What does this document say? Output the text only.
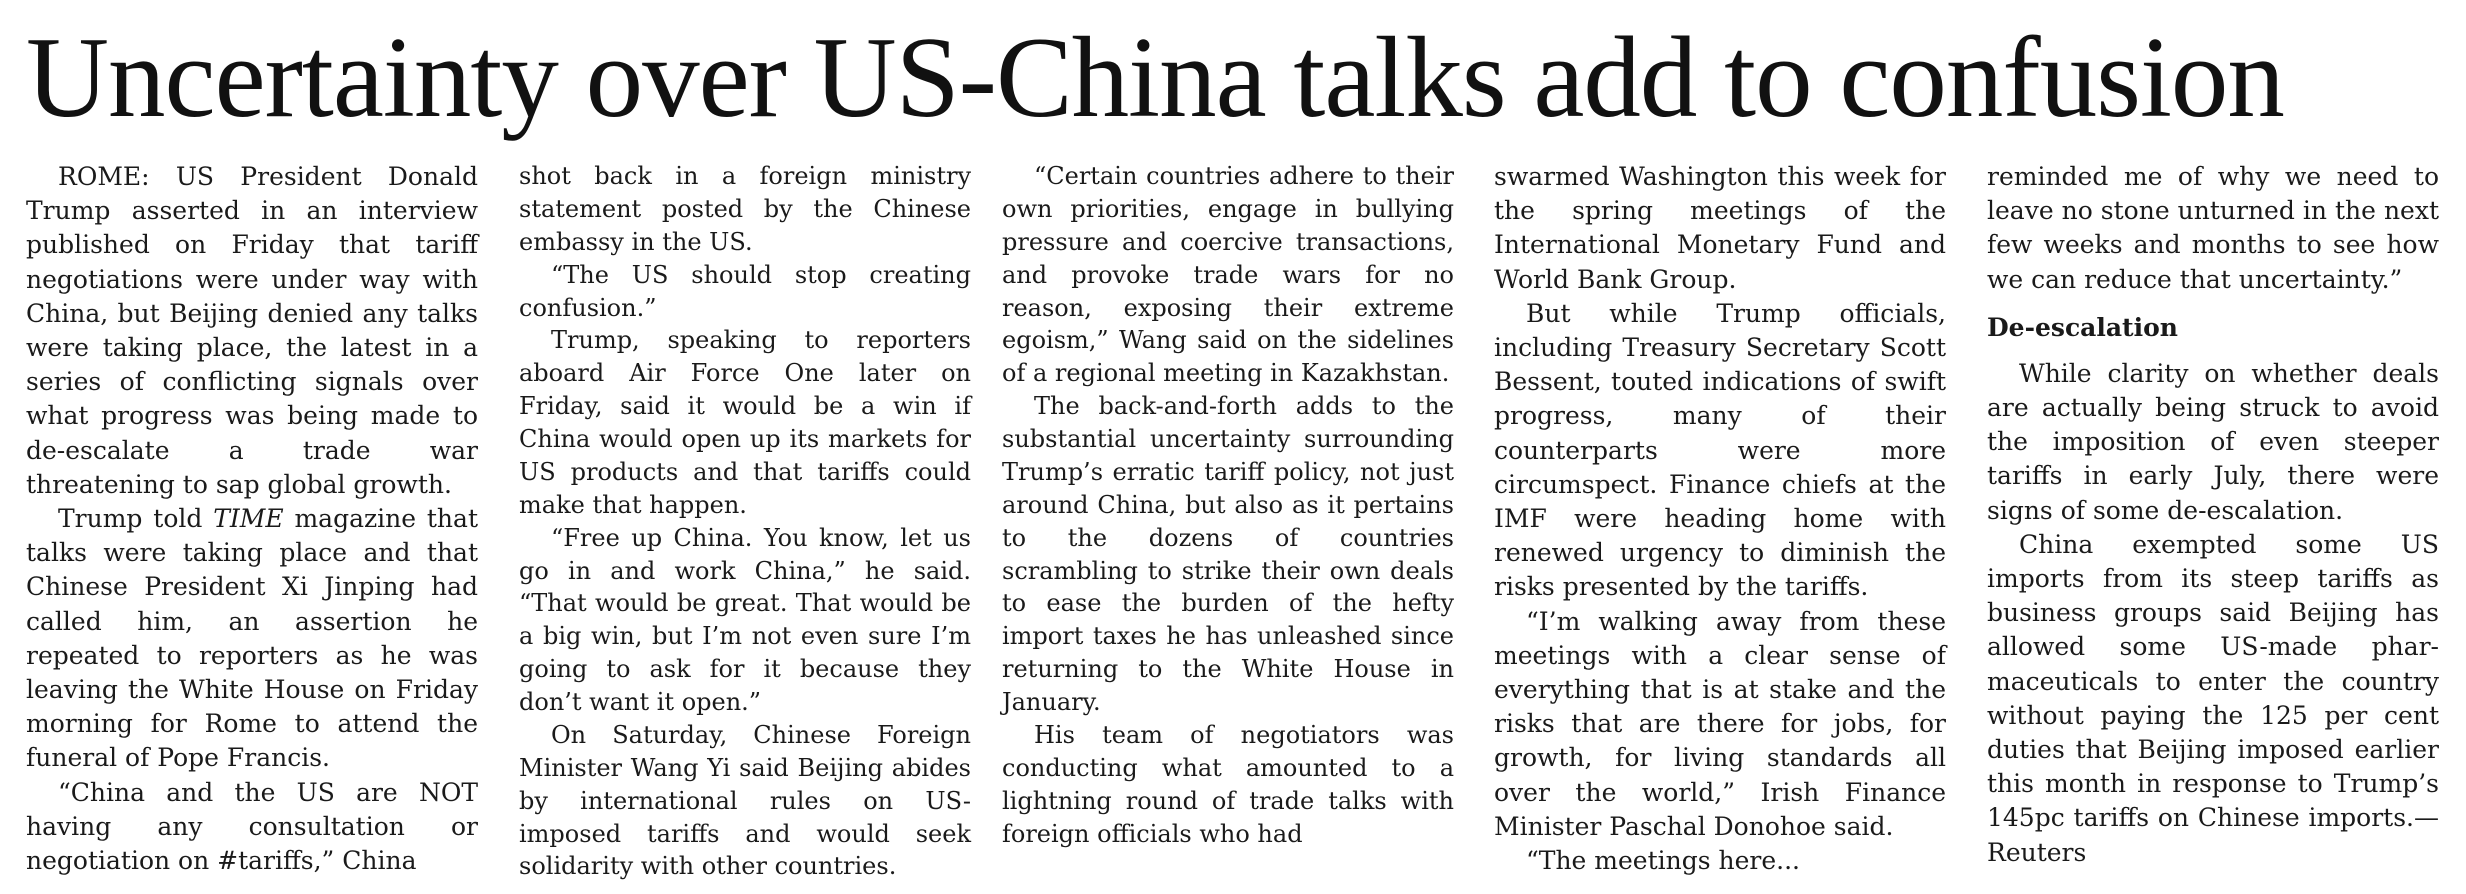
Uncertainty over US-China talks add to confusion

ROME: US President Donald Trump asserted in an interview published on Friday that tariff negotiations were under way with China, but Beijing denied any talks were taking place, the latest in a series of conflicting signals over what progress was being made to de-escalate a trade war threatening to sap global growth.

Trump told TIME magazine that talks were taking place and that Chinese President Xi Jinping had called him, an assertion he repeated to reporters as he was leaving the White House on Friday morning for Rome to attend the funeral of Pope Francis.

“China and the US are NOT having any consultation or negotiation on #tariffs,” China

shot back in a foreign ministry statement posted by the Chinese embassy in the US.

“The US should stop creating confusion.”

Trump, speaking to reporters aboard Air Force One later on Friday, said it would be a win if China would open up its markets for US products and that tariffs could make that happen.

“Free up China. You know, let us go in and work China,” he said. “That would be great. That would be a big win, but I’m not even sure I’m going to ask for it because they don’t want it open.”

On Saturday, Chinese Foreign Minister Wang Yi said Beijing abides by international rules on US-imposed tariffs and would seek solidarity with other countries.

“Certain countries adhere to their own priorities, engage in bullying pressure and coercive transactions, and provoke trade wars for no reason, exposing their extreme egoism,” Wang said on the sidelines of a regional meeting in Kazakhstan.

The back-and-forth adds to the substantial uncertainty surrounding Trump’s erratic tariff policy, not just around China, but also as it pertains to the dozens of countries scrambling to strike their own deals to ease the burden of the hefty import taxes he has unleashed since returning to the White House in January.

His team of negotiators was conducting what amounted to a lightning round of trade talks with foreign officials who had

swarmed Washington this week for the spring meetings of the International Monetary Fund and World Bank Group.

But while Trump officials, including Treasury Secretary Scott Bessent, touted indications of swift progress, many of their counterparts were more circumspect. Finance chiefs at the IMF were heading home with renewed urgency to diminish the risks presented by the tariffs.

“I’m walking away from these meetings with a clear sense of everything that is at stake and the risks that are there for jobs, for growth, for living standards all over the world,” Irish Finance Minister Paschal Donohoe said.

“The meetings here...

reminded me of why we need to leave no stone unturned in the next few weeks and months to see how we can reduce that uncertainty.”

De-escalation

While clarity on whether deals are actually being struck to avoid the imposition of even steeper tariffs in early July, there were signs of some de-escalation.

China exempted some US imports from its steep tariffs as business groups said Beijing has allowed some US-made pharmaceuticals to enter the country without paying the 125 per cent duties that Beijing imposed earlier this month in response to Trump’s 145pc tariffs on Chinese imports.—Reuters
